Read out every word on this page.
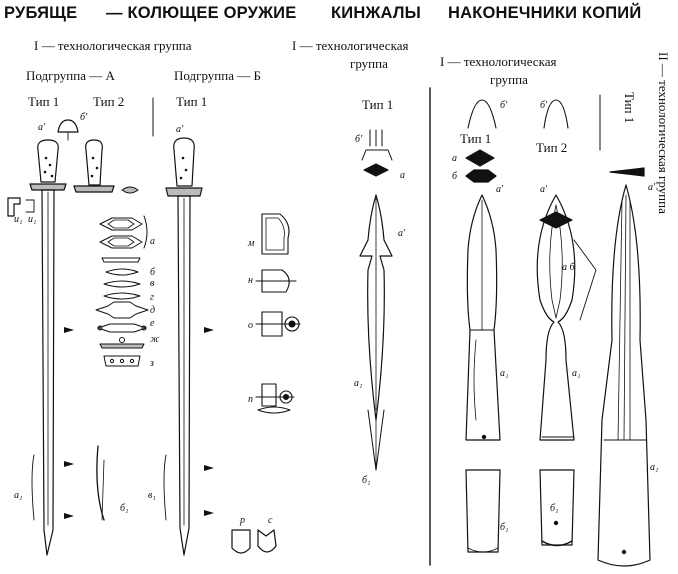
РУБЯЩЕ — КОЛЮЩЕЕ ОРУЖИЕ КИНЖАЛЫ НАКОНЕЧНИКИ КОПИЙ
I — технологическая группа
Подгруппа — А	Подгруппа — Б
Тип 1	Тип 2	Тип 1
I — технологическая
группа
Тип 1
I — технологическая
группа
Тип 1
Тип 2	II — технологическая группа
Тип 1
а′
б′
а′
и₁ и₁
а
б
в
г
д
е
ж
з
м
н
о
п
р с
а₁
б₁
в₁
б′
а
а′
а₁
б₁
б′
а
б
а′
а₁
б₁
б′
а′
а б
а₁
б₁
а′
а₁
